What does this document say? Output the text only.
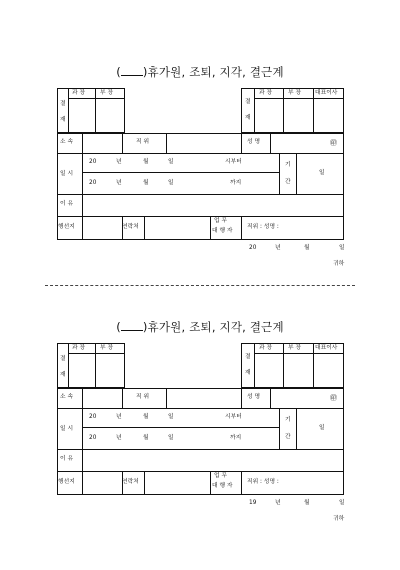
( )휴가원, 조퇴, 지각, 결근계
결
재
과 장	부 장
결
재
과 장	부 장 대표이사
소 속	직 위	성 명	㊞
일 시
20	년	월	일	시부터
20	년	월	일	까지
기
간
일
이 유
행선지	연락처
업 무
대 행 자
직위 : 성명 :
20	년	월	일
귀하
( )휴가원, 조퇴, 지각, 결근계
결
재
과 장	부 장
결
재
과 장	부 장 대표이사
소 속	직 위	성 명	㊞
일 시
20	년	월	일	시부터
20	년	월	일	까지
기
간
일
이 유
행선지	연락처
업 무
대 행 자
직위 : 성명 :
19	년	월	일
귀하
